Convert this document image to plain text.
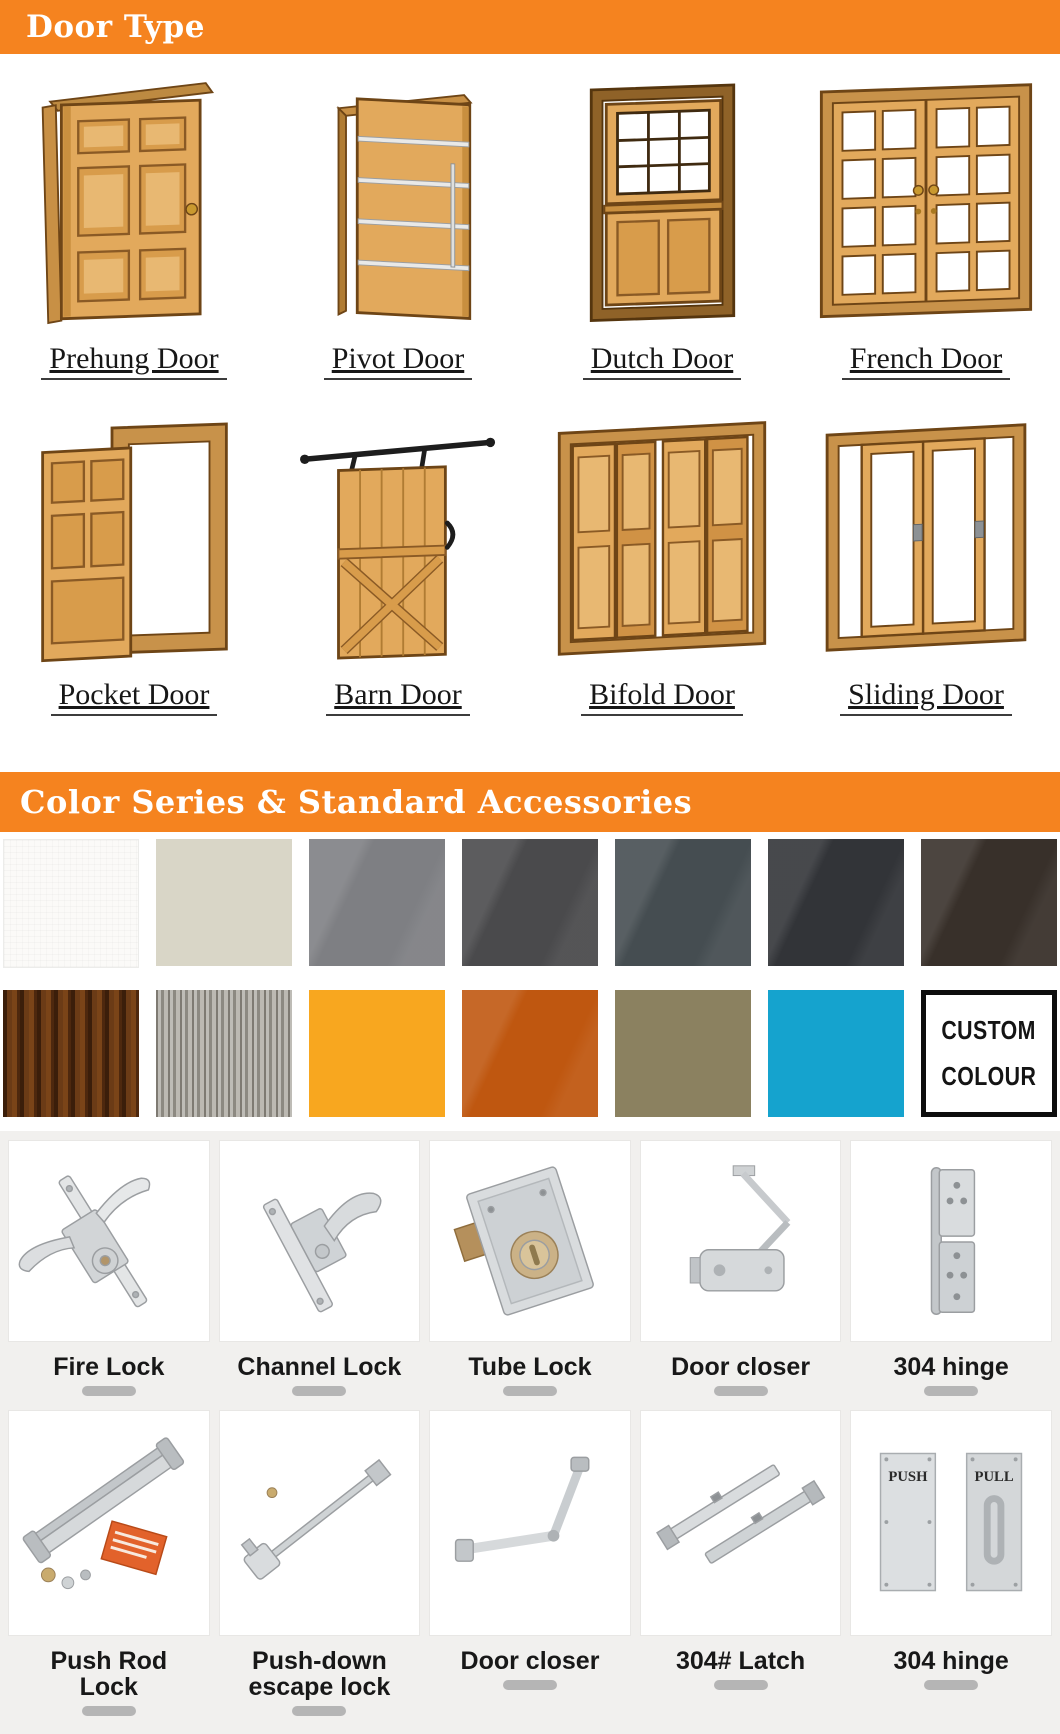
Door Type
Prehung Door	Pivot Door	Dutch Door	French Door
Pocket Door	Barn Door	Bifold Door	Sliding Door
Color Series & Standard Accessories
CUSTOM
COLOUR
Fire Lock	Channel Lock	Tube Lock	Door closer	304 hinge
Push Rod Lock
Push-down escape lock
Door closer	304# Latch
PUSH	PULL
304 hinge
